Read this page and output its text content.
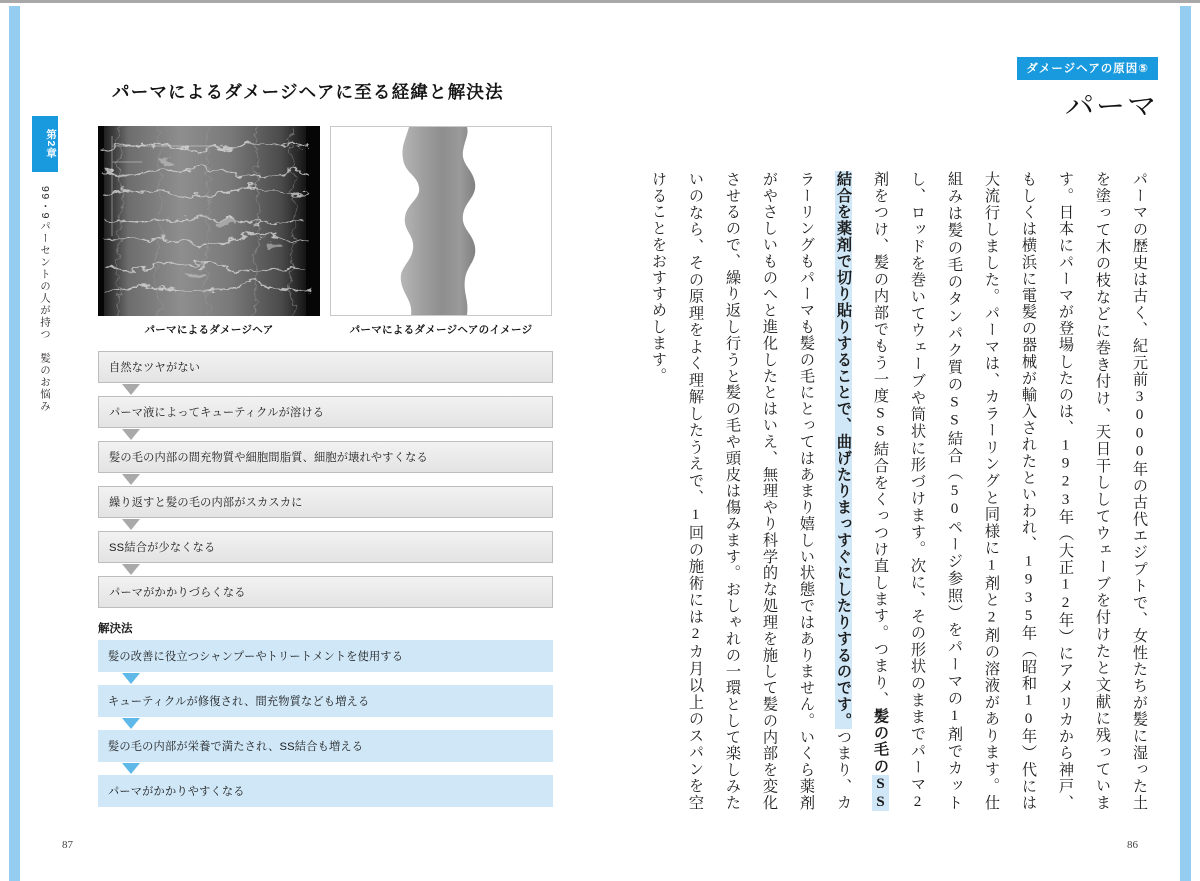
第2章
99・9パーセントの人が持つ　髪のお悩み
パーマによるダメージヘアに至る経緯と解決法
パーマによるダメージヘア	パーマによるダメージヘアのイメージ
自然なツヤがない
パーマ液によってキューティクルが溶ける
髪の毛の内部の間充物質や細胞間脂質、細胞が壊れやすくなる
繰り返すと髪の毛の内部がスカスカに
SS結合が少なくなる
パーマがかかりづらくなる
解決法
髪の改善に役立つシャンプーやトリートメントを使用する
キューティクルが修復され、間充物質なども増える
髪の毛の内部が栄養で満たされ、SS結合も増える
パーマがかかりやすくなる
87
ダメージヘアの原因⑤
パーマ
パーマの歴史は古く、紀元前3000年の古代エジプトで、女性たちが髪に湿った土を塗って木の枝などに巻き付け、天日干ししてウェーブを付けたと文献に残っています。日本にパーマが登場したのは、1923年（大正12年）にアメリカから神戸、もしくは横浜に電髪の器械が輸入されたといわれ、1935年（昭和10年）代には大流行しました。パーマは、カラーリングと同様に1剤と2剤の溶液があります。仕組みは髪の毛のタンパク質のSS結合（50ページ参照）をパーマの1剤でカットし、ロッドを巻いてウェーブや筒状に形づけます。次に、その形状のままでパーマ2剤をつけ、髪の内部でもう一度SS結合をくっつけ直します。つまり、髪の毛のSS結合を薬剤で切り貼りすることで、曲げたりまっすぐにしたりするのです。つまり、カラーリングもパーマも髪の毛にとってはあまり嬉しい状態ではありません。いくら薬剤がやさしいものへと進化したとはいえ、無理やり科学的な処理を施して髪の内部を変化させるので、繰り返し行うと髪の毛や頭皮は傷みます。おしゃれの一環として楽しみたいのなら、その原理をよく理解したうえで、1回の施術には2カ月以上のスパンを空けることをおすすめします。
86
